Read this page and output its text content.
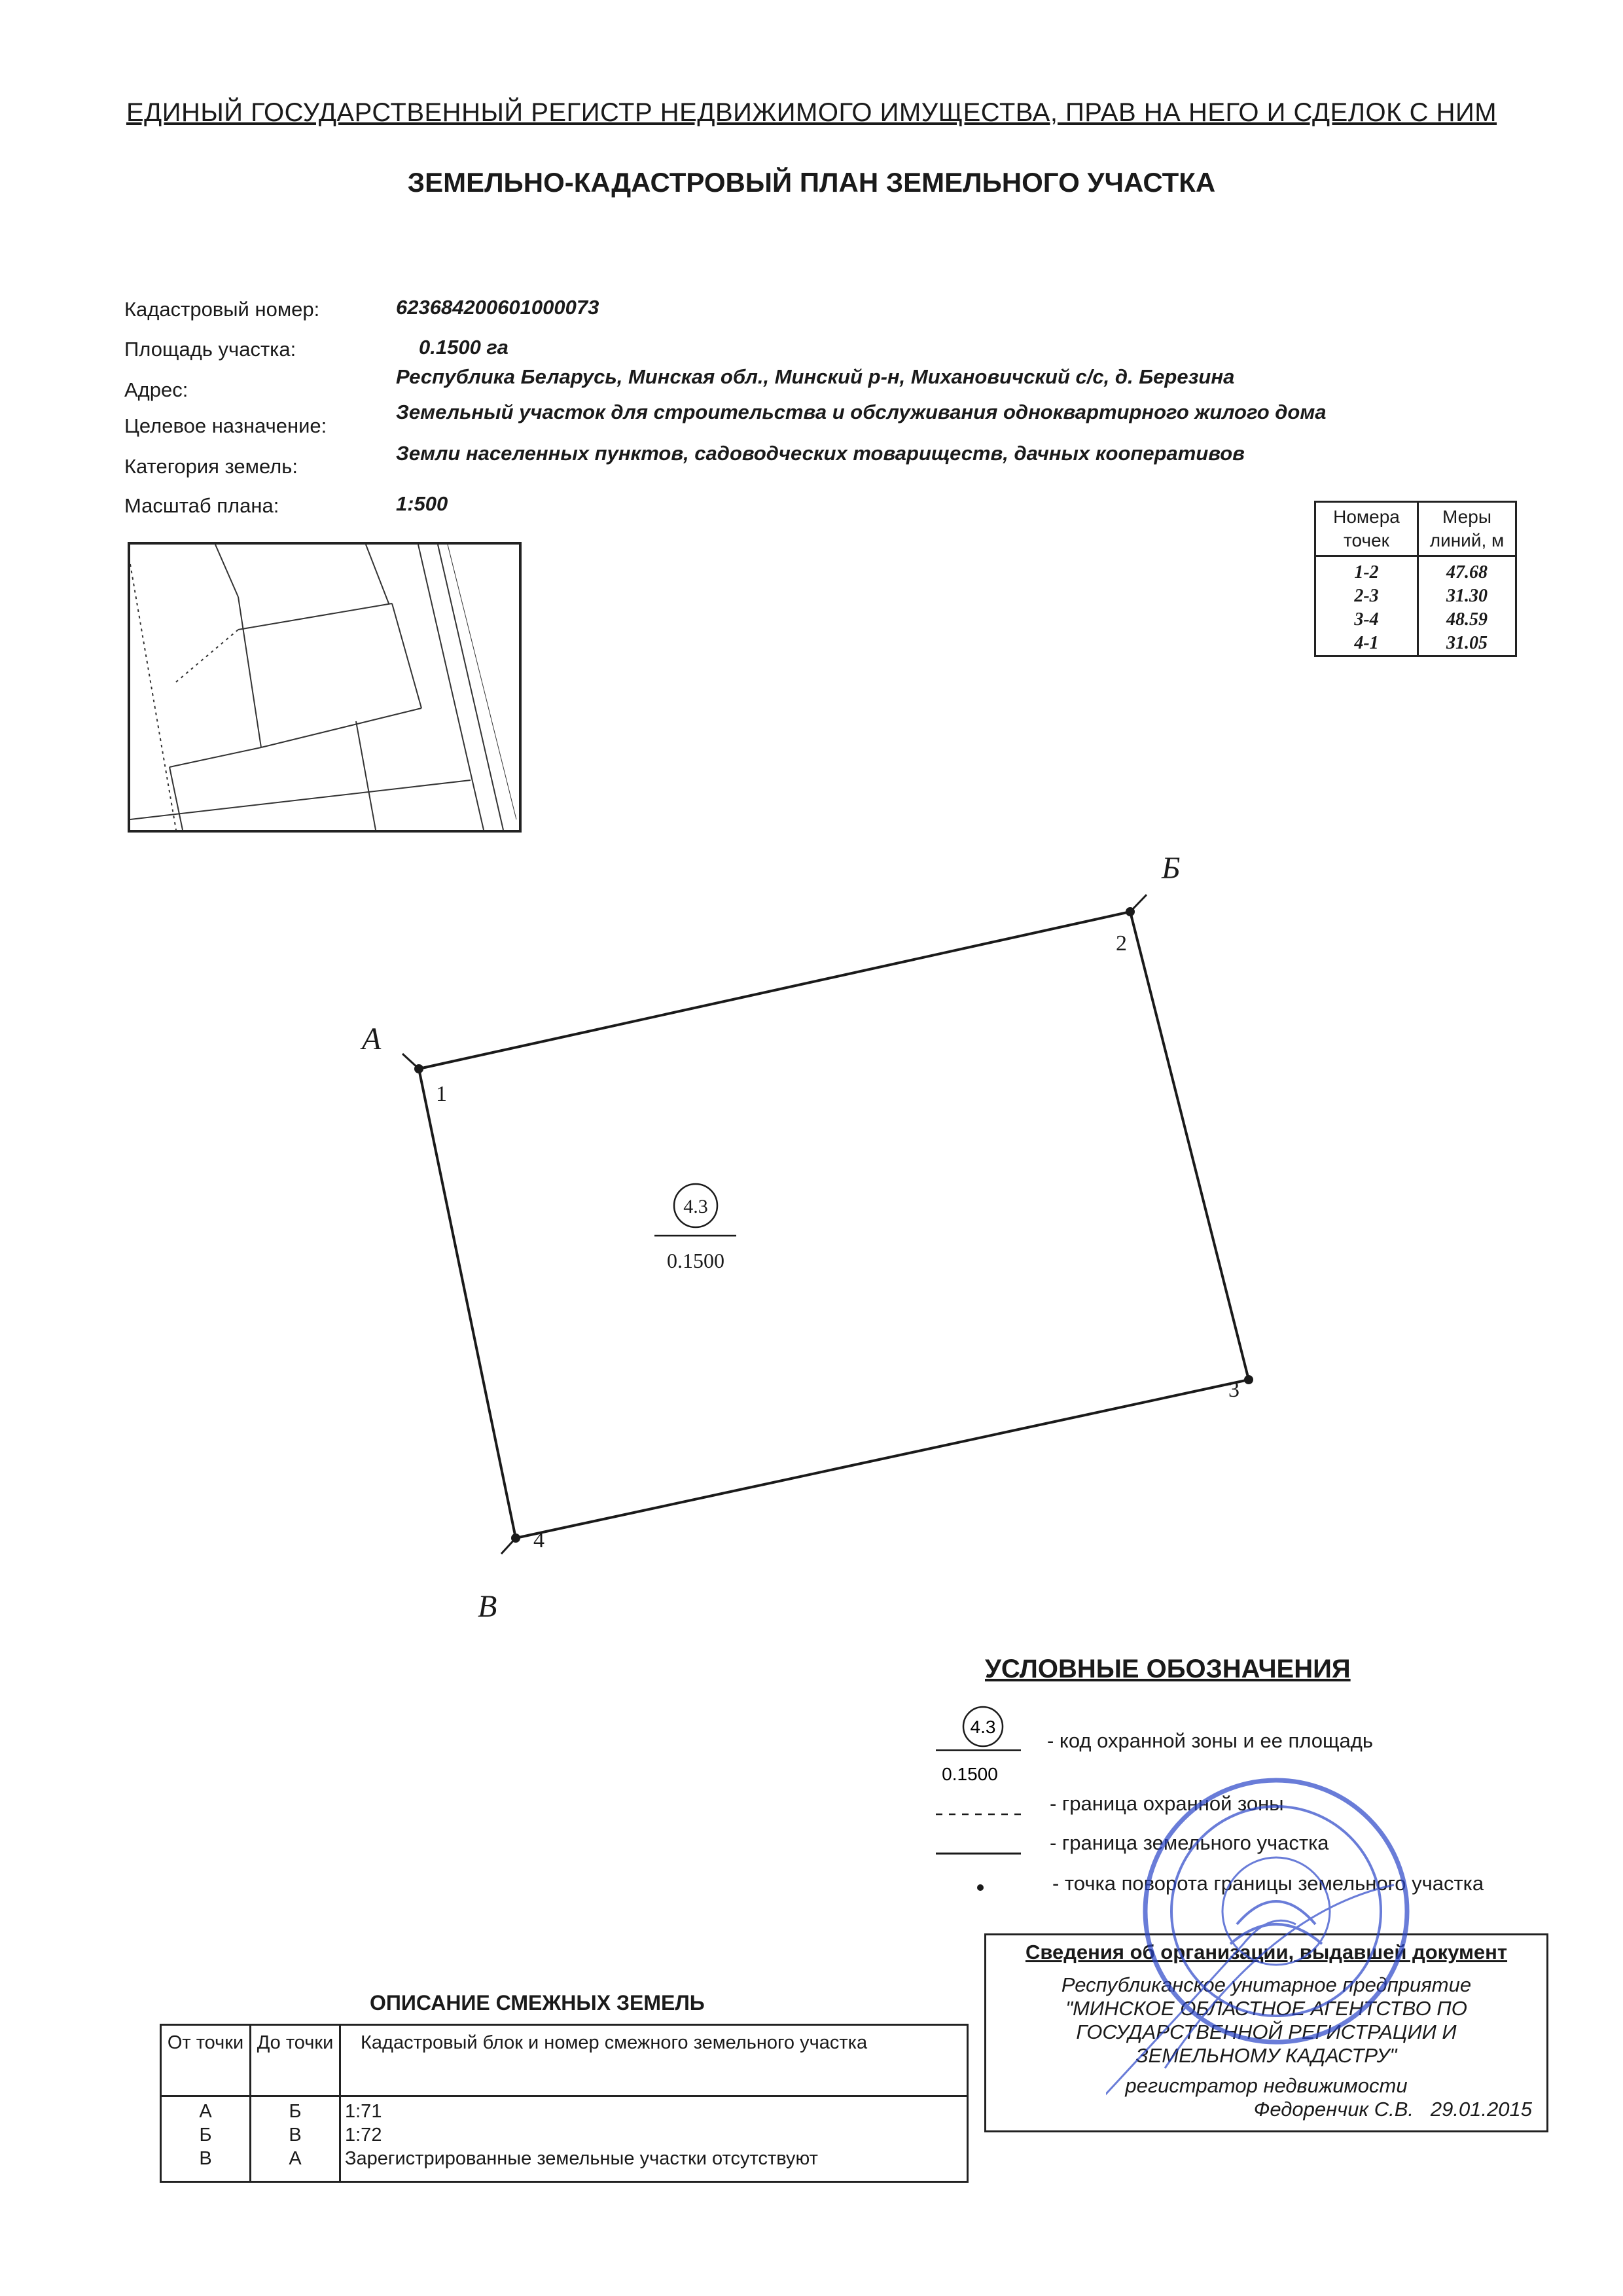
ЕДИНЫЙ ГОСУДАРСТВЕННЫЙ РЕГИСТР НЕДВИЖИМОГО ИМУЩЕСТВА, ПРАВ НА НЕГО И СДЕЛОК С НИМ
ЗЕМЕЛЬНО-КАДАСТРОВЫЙ ПЛАН ЗЕМЕЛЬНОГО УЧАСТКА
Кадастровый номер:	623684200601000073
Площадь участка:	0.1500 га
Адрес:
Республика Беларусь, Минская обл., Минский р-н, Михановичский с/с, д. Березина
Целевое назначение:
Земельный участок для строительства и обслуживания одноквартирного жилого дома
Категория земель:
Земли населенных пунктов, садоводческих товариществ, дачных кооперативов
Масштаб плана:	1:500
Номера точек	Меры линий, м
1-2	47.68
2-3	31.30
3-4	48.59
4-1	31.05
А
Б
В
1
2
3
4
4.3
0.1500
УСЛОВНЫЕ ОБОЗНАЧЕНИЯ
4.3
0.1500
- код охранной зоны и ее площадь
- граница охранной зоны
- граница земельного участка
- точка поворота границы земельного участка
ОПИСАНИЕ СМЕЖНЫХ ЗЕМЕЛЬ
От точки	До точки	Кадастровый блок и номер смежного земельного участка
А	Б	1:71
Б	В	1:72
В	А	Зарегистрированные земельные участки отсутствуют
Сведения об организации, выдавшей документ
Республиканское унитарное предприятие
"МИНСКОЕ ОБЛАСТНОЕ АГЕНТСТВО ПО
ГОСУДАРСТВЕННОЙ РЕГИСТРАЦИИ И
ЗЕМЕЛЬНОМУ КАДАСТРУ"
регистратор недвижимости
Федоренчик С.В. 29.01.2015
